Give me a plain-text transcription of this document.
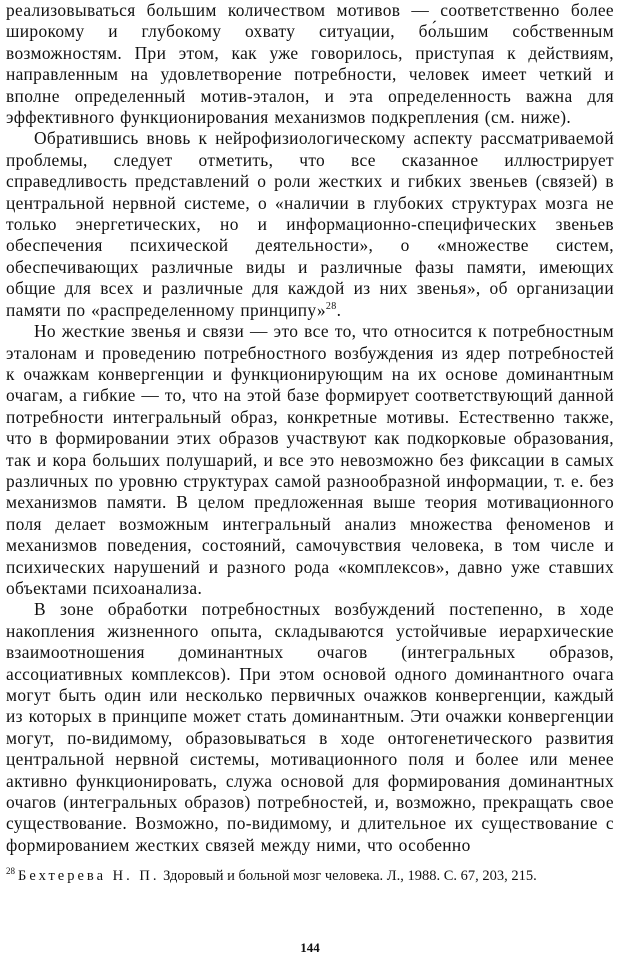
реализовываться большим количеством мотивов — соответственно более широкому и глубокому охвату ситуации, бо́льшим собственным возможностям. При этом, как уже говорилось, приступая к действиям, направленным на удовлетворение потребности, человек имеет четкий и вполне определенный мотив-эталон, и эта определенность важна для эффективного функционирования механизмов подкрепления (см. ниже).

Обратившись вновь к нейрофизиологическому аспекту рассматриваемой проблемы, следует отметить, что все сказанное иллюстрирует справедливость представлений о роли жестких и гибких звеньев (связей) в центральной нервной системе, о «наличии в глубоких структурах мозга не только энергетических, но и информационно-специфических звеньев обеспечения психической деятельности», о «множестве систем, обеспечивающих различные виды и различные фазы памяти, имеющих общие для всех и различные для каждой из них звенья», об организации памяти по «распределенному принципу»$^{28}$.

Но жесткие звенья и связи — это все то, что относится к потребностным эталонам и проведению потребностного возбуждения из ядер потребностей к очажкам конвергенции и функционирующим на их основе доминантным очагам, а гибкие — то, что на этой базе формирует соответствующий данной потребности интегральный образ, конкретные мотивы. Естественно также, что в формировании этих образов участвуют как подкорковые образования, так и кора больших полушарий, и все это невозможно без фиксации в самых различных по уровню структурах самой разнообразной информации, т. е. без механизмов памяти. В целом предложенная выше теория мотивационного поля делает возможным интегральный анализ множества феноменов и механизмов поведения, состояний, самочувствия человека, в том числе и психических нарушений и разного рода «комплексов», давно уже ставших объектами психоанализа.

В зоне обработки потребностных возбуждений постепенно, в ходе накопления жизненного опыта, складываются устойчивые иерархические взаимоотношения доминантных очагов (интегральных образов, ассоциативных комплексов). При этом основой одного доминантного очага могут быть один или несколько первичных очажков конвергенции, каждый из которых в принципе может стать доминантным. Эти очажки конвергенции могут, по-видимому, образовываться в ходе онтогенетического развития центральной нервной системы, мотивационного поля и более или менее активно функционировать, служа основой для формирования доминантных очагов (интегральных образов) потребностей, и, возможно, прекращать свое существование. Возможно, по-видимому, и длительное их существование с формированием жестких связей между ними, что особенно

$^{28}$ Бехтерева Н. П. Здоровый и больной мозг человека. Л., 1988. С. 67, 203, 215.
144
